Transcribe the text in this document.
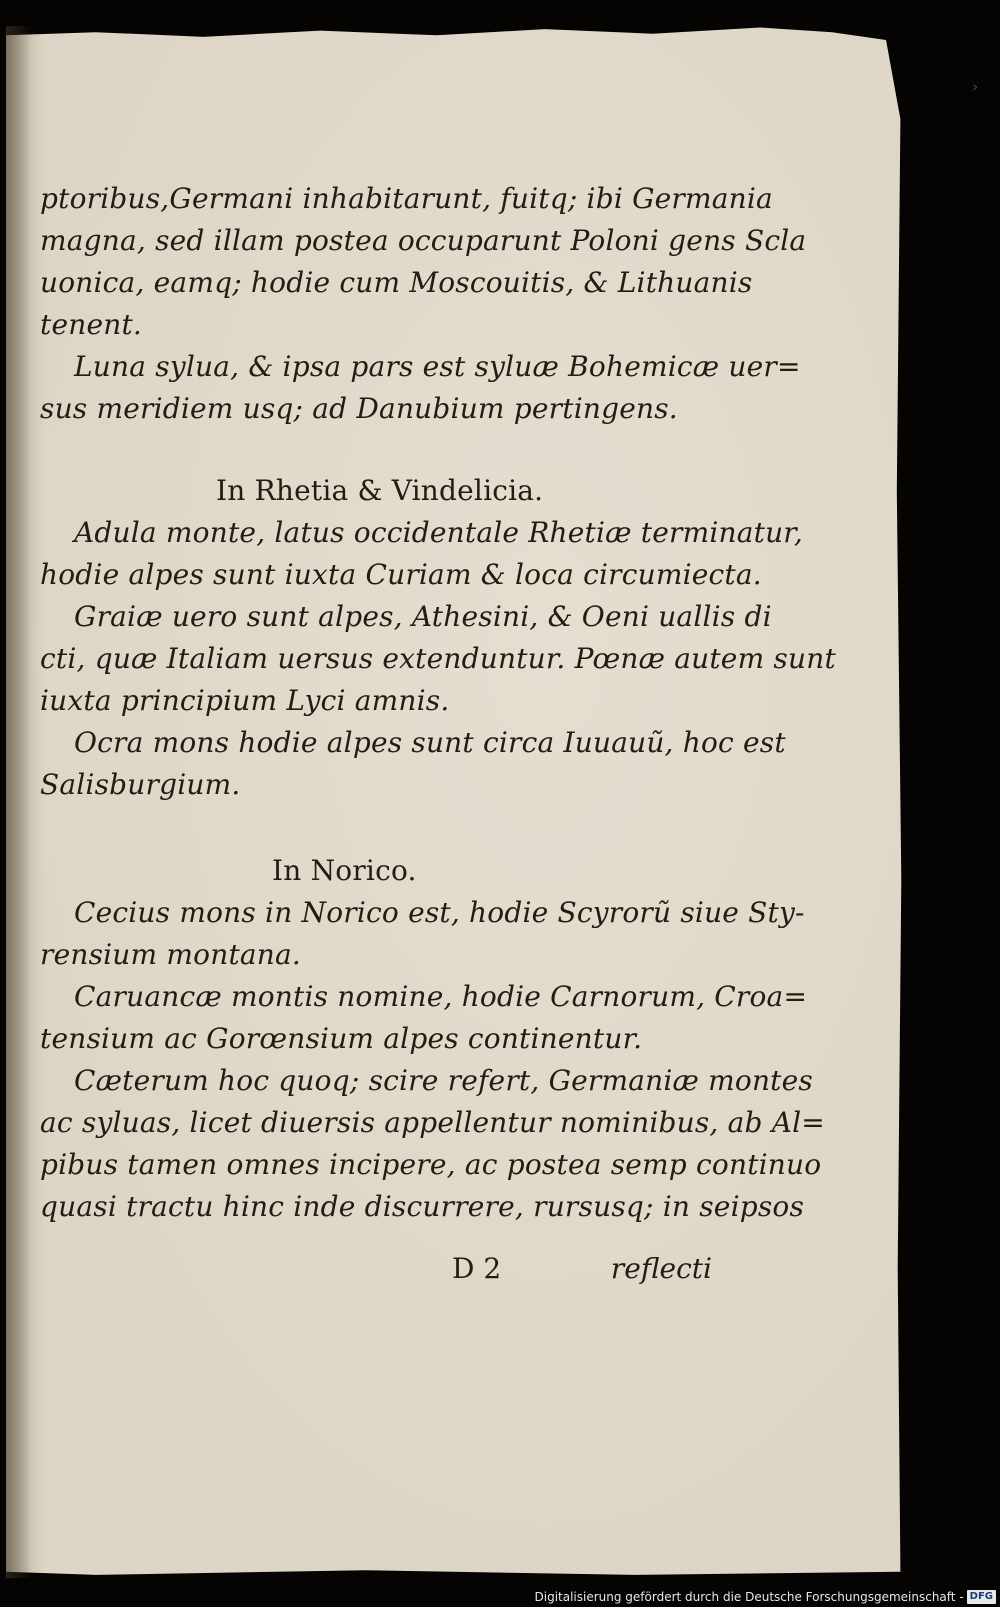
›
ptoribus,Germani inhabitarunt, fuitq; ibi Germania
magna, sed illam postea occuparunt Poloni gens Scla
uonica, eamq; hodie cum Moscouitis, & Lithuanis
tenent.
Luna sylua, & ipsa pars est syluæ Bohemicæ uer=
sus meridiem usq; ad Danubium pertingens.
In Rhetia & Vindelicia.
Adula monte, latus occidentale Rhetiæ terminatur,
hodie alpes sunt iuxta Curiam & loca circumiecta.
Graiæ uero sunt alpes, Athesini, & Oeni uallis di
cti, quæ Italiam uersus extenduntur. Pœnæ autem sunt
iuxta principium Lyci amnis.
Ocra mons hodie alpes sunt circa Iuuauũ, hoc est
Salisburgium.
In Norico.
Cecius mons in Norico est, hodie Scyrorũ siue Sty-
rensium montana.
Caruancæ montis nomine, hodie Carnorum, Croa=
tensium ac Gorœnsium alpes continentur.
Cæterum hoc quoq; scire refert, Germaniæ montes
ac syluas, licet diuersis appellentur nominibus, ab Al=
pibus tamen omnes incipere, ac postea semp continuo
quasi tractu hinc inde discurrere, rursusq; in seipsos
D 2	reflecti
Digitalisierung gefördert durch die Deutsche Forschungsgemeinschaft - DFG
